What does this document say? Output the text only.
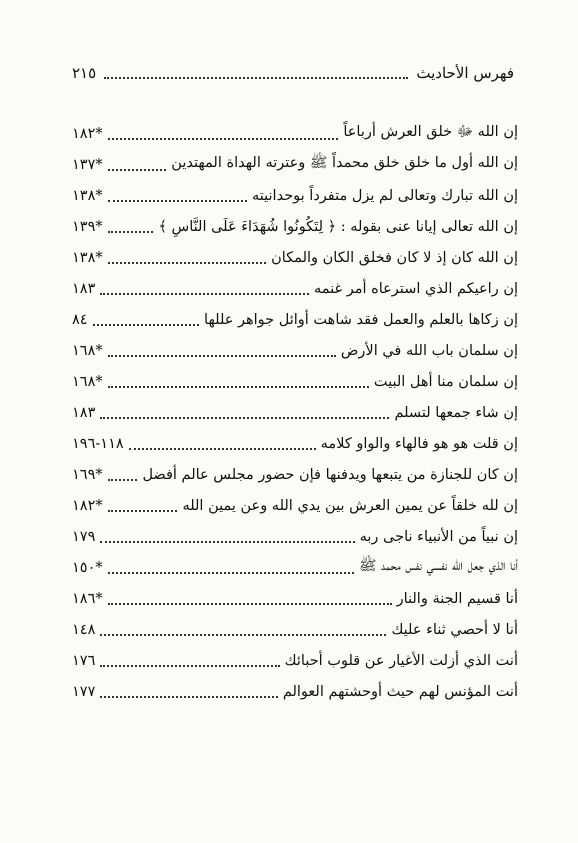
٢١٥	فهرس الأحاديث
١٨٢*	إن الله ﷻ خلق العرش أرباعاً
١٣٧*	إن الله أول ما خلق خلق محمداً ﷺ وعترته الهداة المهتدين
١٣٨*	إن الله تبارك وتعالى لم يزل متفرداً بوحدانيته
١٣٩*	إن الله تعالى إيانا عنى بقوله : ﴿ لِتَكُونُوا شُهَدَاءَ عَلَى النَّاسِ ﴾
١٣٨*	إن الله كان إذ لا كان فخلق الكان والمكان
١٨٣	إن راعيكم الذي استرعاه أمر غنمه
٨٤	إن زكاها بالعلم والعمل فقد شاهت أوائل جواهر عللها
١٦٨*	إن سلمان باب الله في الأرض
١٦٨*	إن سلمان منا أهل البيت
١٨٣	إن شاء جمعها لتسلم
١١٨-١٩٦	إن قلت هو هو فالهاء والواو كلامه
١٦٩*	إن كان للجنازة من يتبعها ويدفنها فإن حضور مجلس عالم أفضل
١٨٢*	إن لله خلقاً عن يمين العرش بين يدي الله وعن يمين الله
١٧٩	إن نبياً من الأنبياء ناجى ربه
١٥٠*	أنا الذي جعل الله نفسي نفس محمد ﷺ
١٨٦*	أنا قسيم الجنة والنار
١٤٨	أنا لا أحصي ثناء عليك
١٧٦	أنت الذي أزلت الأغيار عن قلوب أحبائك
١٧٧	أنت المؤنس لهم حيث أوحشتهم العوالم
